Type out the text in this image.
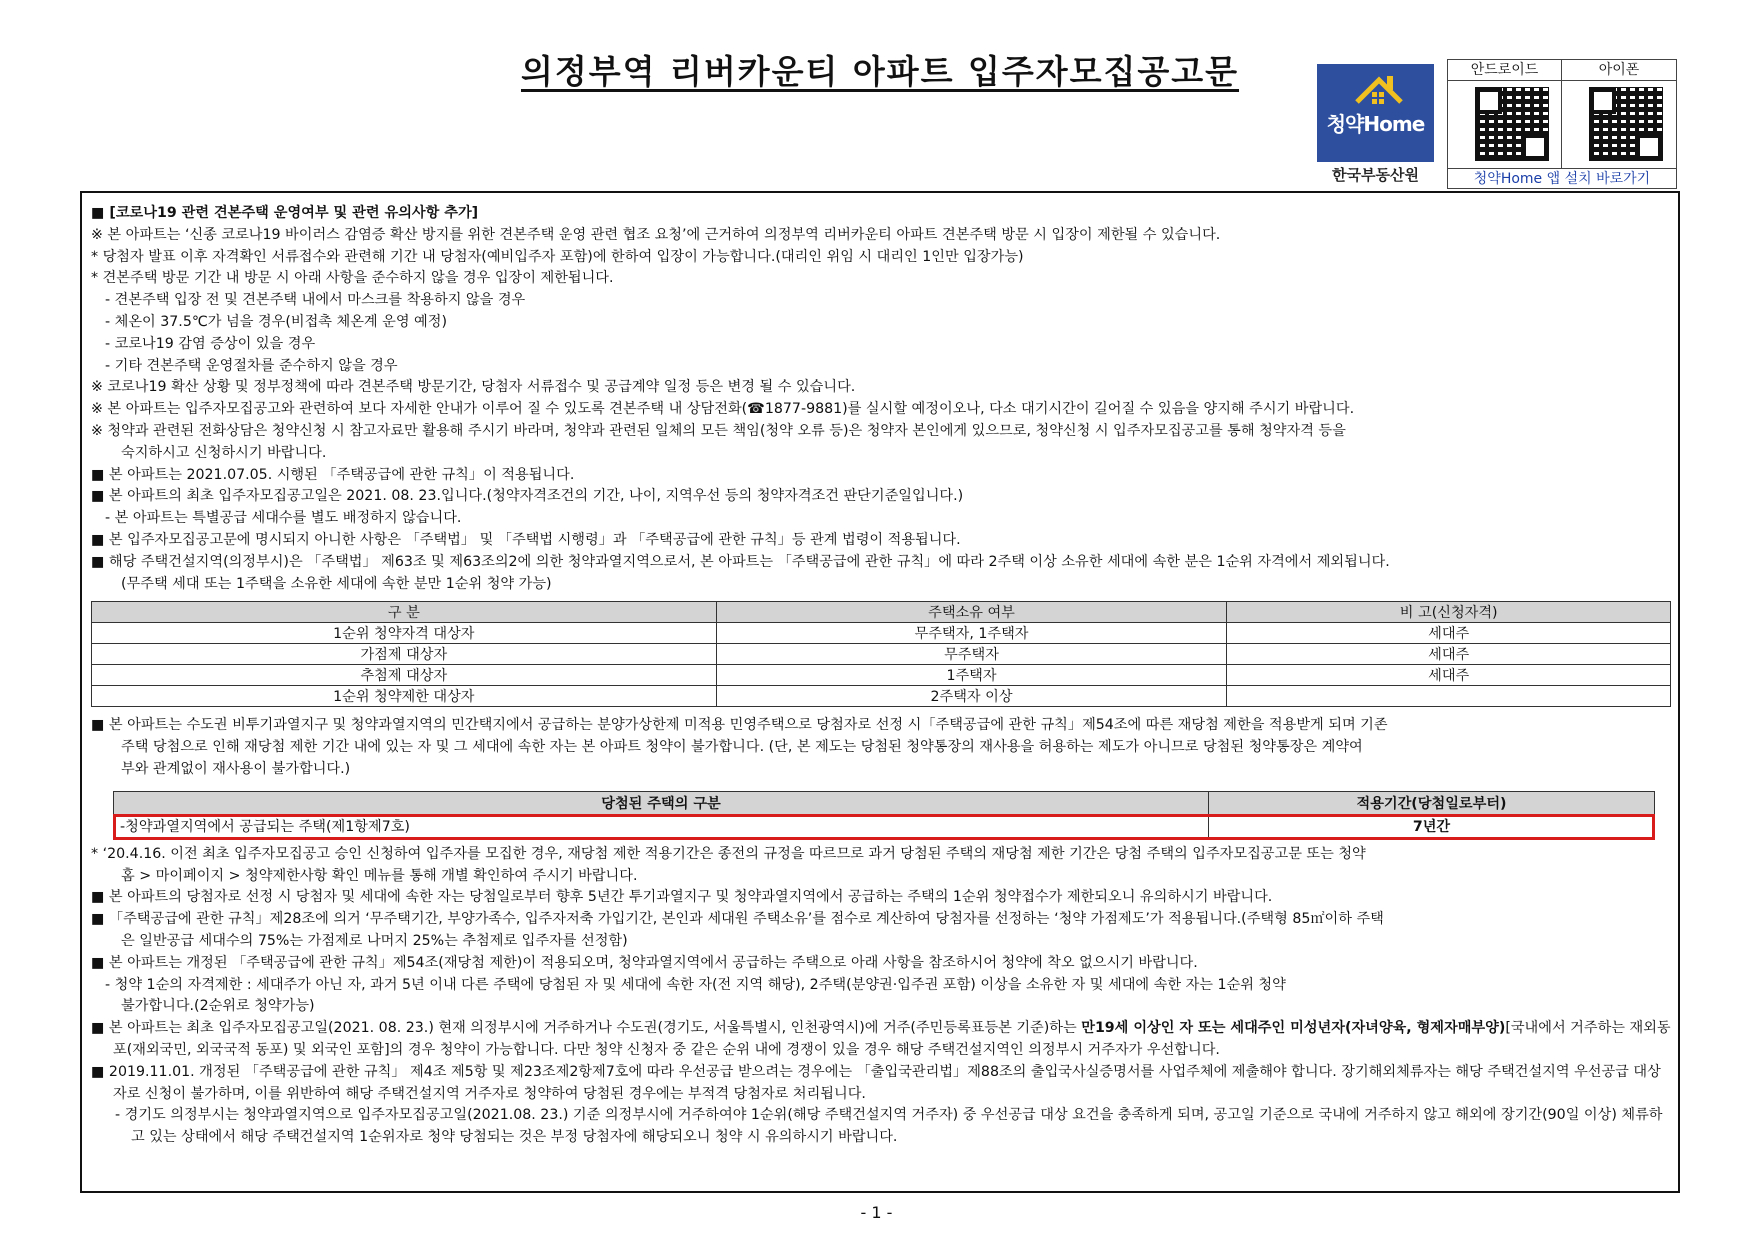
의정부역 리버카운티 아파트 입주자모집공고문
청약Home
한국부동산원
안드로이드	아이폰
청약Home 앱 설치 바로가기
■ [코로나19 관련 견본주택 운영여부 및 관련 유의사항 추가]
※ 본 아파트는 ‘신종 코로나19 바이러스 감염증 확산 방지를 위한 견본주택 운영 관련 협조 요청’에 근거하여 의정부역 리버카운티 아파트 견본주택 방문 시 입장이 제한될 수 있습니다.
* 당첨자 발표 이후 자격확인 서류접수와 관련해 기간 내 당첨자(예비입주자 포함)에 한하여 입장이 가능합니다.(대리인 위임 시 대리인 1인만 입장가능)
* 견본주택 방문 기간 내 방문 시 아래 사항을 준수하지 않을 경우 입장이 제한됩니다.
- 견본주택 입장 전 및 견본주택 내에서 마스크를 착용하지 않을 경우
- 체온이 37.5℃가 넘을 경우(비접촉 체온계 운영 예정)
- 코로나19 감염 증상이 있을 경우
- 기타 견본주택 운영절차를 준수하지 않을 경우
※ 코로나19 확산 상황 및 정부정책에 따라 견본주택 방문기간, 당첨자 서류접수 및 공급계약 일정 등은 변경 될 수 있습니다.
※ 본 아파트는 입주자모집공고와 관련하여 보다 자세한 안내가 이루어 질 수 있도록 견본주택 내 상담전화(☎1877-9881)를 실시할 예정이오나, 다소 대기시간이 길어질 수 있음을 양지해 주시기 바랍니다.
※ 청약과 관련된 전화상담은 청약신청 시 참고자료만 활용해 주시기 바라며, 청약과 관련된 일체의 모든 책임(청약 오류 등)은 청약자 본인에게 있으므로, 청약신청 시 입주자모집공고를 통해 청약자격 등을
숙지하시고 신청하시기 바랍니다.
■ 본 아파트는 2021.07.05. 시행된 「주택공급에 관한 규칙」이 적용됩니다.
■ 본 아파트의 최초 입주자모집공고일은 2021. 08. 23.입니다.(청약자격조건의 기간, 나이, 지역우선 등의 청약자격조건 판단기준일입니다.)
- 본 아파트는 특별공급 세대수를 별도 배정하지 않습니다.
■ 본 입주자모집공고문에 명시되지 아니한 사항은 「주택법」 및 「주택법 시행령」과 「주택공급에 관한 규칙」등 관계 법령이 적용됩니다.
■ 해당 주택건설지역(의정부시)은 「주택법」 제63조 및 제63조의2에 의한 청약과열지역으로서, 본 아파트는 「주택공급에 관한 규칙」에 따라 2주택 이상 소유한 세대에 속한 분은 1순위 자격에서 제외됩니다.
(무주택 세대 또는 1주택을 소유한 세대에 속한 분만 1순위 청약 가능)
구 분	주택소유 여부	비 고(신청자격)
1순위 청약자격 대상자	무주택자, 1주택자	세대주
가점제 대상자	무주택자	세대주
추첨제 대상자	1주택자	세대주
1순위 청약제한 대상자	2주택자 이상	
■ 본 아파트는 수도권 비투기과열지구 및 청약과열지역의 민간택지에서 공급하는 분양가상한제 미적용 민영주택으로 당첨자로 선정 시「주택공급에 관한 규칙」제54조에 따른 재당첨 제한을 적용받게 되며 기존
주택 당첨으로 인해 재당첨 제한 기간 내에 있는 자 및 그 세대에 속한 자는 본 아파트 청약이 불가합니다. (단, 본 제도는 당첨된 청약통장의 재사용을 허용하는 제도가 아니므로 당첨된 청약통장은 계약여
부와 관계없이 재사용이 불가합니다.)
당첨된 주택의 구분	적용기간(당첨일로부터)
-청약과열지역에서 공급되는 주택(제1항제7호)	7년간
* ‘20.4.16. 이전 최초 입주자모집공고 승인 신청하여 입주자를 모집한 경우, 재당첨 제한 적용기간은 종전의 규정을 따르므로 과거 당첨된 주택의 재당첨 제한 기간은 당첨 주택의 입주자모집공고문 또는 청약
홈 > 마이페이지 > 청약제한사항 확인 메뉴를 통해 개별 확인하여 주시기 바랍니다.
■ 본 아파트의 당첨자로 선정 시 당첨자 및 세대에 속한 자는 당첨일로부터 향후 5년간 투기과열지구 및 청약과열지역에서 공급하는 주택의 1순위 청약접수가 제한되오니 유의하시기 바랍니다.
■ 「주택공급에 관한 규칙」제28조에 의거 ‘무주택기간, 부양가족수, 입주자저축 가입기간, 본인과 세대원 주택소유’를 점수로 계산하여 당첨자를 선정하는 ‘청약 가점제도’가 적용됩니다.(주택형 85㎡이하 주택
은 일반공급 세대수의 75%는 가점제로 나머지 25%는 추첨제로 입주자를 선정함)
■ 본 아파트는 개정된 「주택공급에 관한 규칙」제54조(재당첨 제한)이 적용되오며, 청약과열지역에서 공급하는 주택으로 아래 사항을 참조하시어 청약에 착오 없으시기 바랍니다.
- 청약 1순의 자격제한 : 세대주가 아닌 자, 과거 5년 이내 다른 주택에 당첨된 자 및 세대에 속한 자(전 지역 해당), 2주택(분양권·입주권 포함) 이상을 소유한 자 및 세대에 속한 자는 1순위 청약
불가합니다.(2순위로 청약가능)
■ 본 아파트는 최초 입주자모집공고일(2021. 08. 23.) 현재 의정부시에 거주하거나 수도권(경기도, 서울특별시, 인천광역시)에 거주(주민등록표등본 기준)하는 만19세 이상인 자 또는 세대주인 미성년자(자녀양육, 형제자매부양)[국내에서 거주하는 재외동포(재외국민, 외국국적 동포) 및 외국인 포함]의 경우 청약이 가능합니다. 다만 청약 신청자 중 같은 순위 내에 경쟁이 있을 경우 해당 주택건설지역인 의정부시 거주자가 우선합니다.
■ 2019.11.01. 개정된 「주택공급에 관한 규칙」 제4조 제5항 및 제23조제2항제7호에 따라 우선공급 받으려는 경우에는 「출입국관리법」제88조의 출입국사실증명서를 사업주체에 제출해야 합니다. 장기해외체류자는 해당 주택건설지역 우선공급 대상자로 신청이 불가하며, 이를 위반하여 해당 주택건설지역 거주자로 청약하여 당첨된 경우에는 부적격 당첨자로 처리됩니다.
- 경기도 의정부시는 청약과열지역으로 입주자모집공고일(2021.08. 23.) 기준 의정부시에 거주하여야 1순위(해당 주택건설지역 거주자) 중 우선공급 대상 요건을 충족하게 되며, 공고일 기준으로 국내에 거주하지 않고 해외에 장기간(90일 이상) 체류하고 있는 상태에서 해당 주택건설지역 1순위자로 청약 당첨되는 것은 부정 당첨자에 해당되오니 청약 시 유의하시기 바랍니다.
- 1 -
